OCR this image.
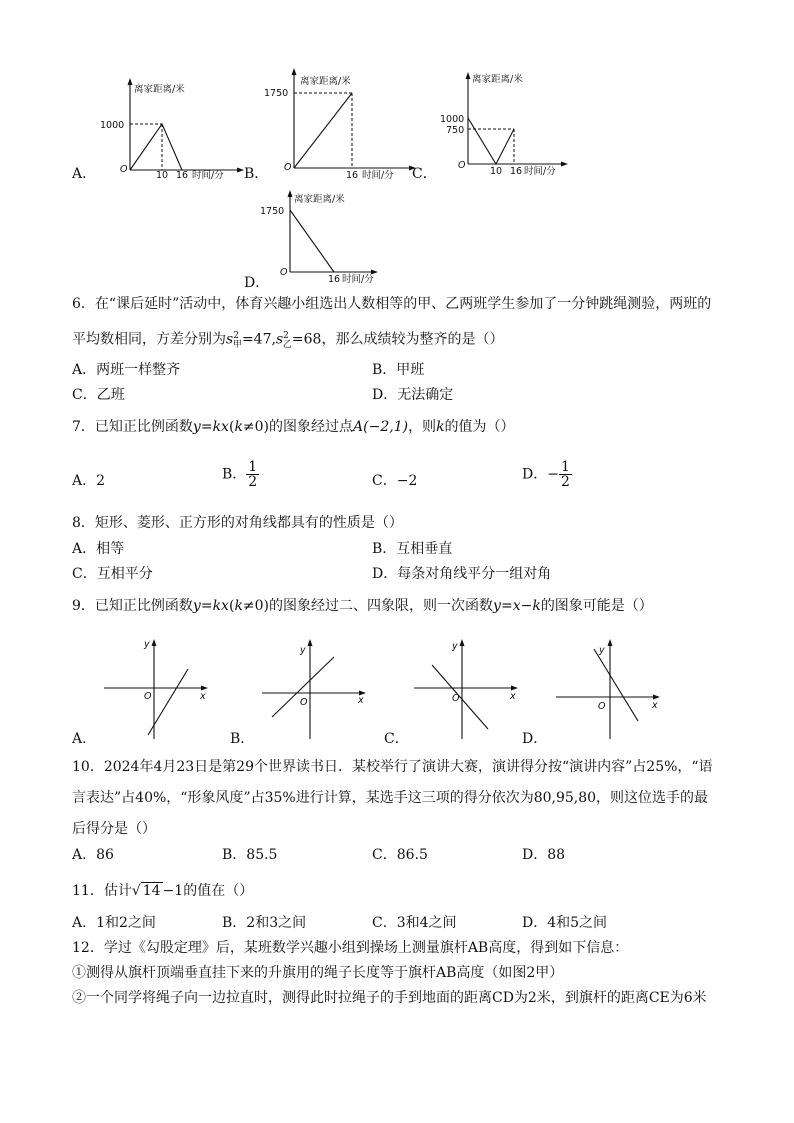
A．
离家距离/米
1000
O
10 16 时间/分 B．
离家距离/米
1750
O
16 时间/分 C．
离家距离/米
1000
750
O
10 16 时间/分
D．
离家距离/米
1750
O
16 时间/分
6．在“课后延时”活动中，体育兴趣小组选出人数相等的甲、乙两班学生参加了一分钟跳绳测验，两班的
平均数相同，方差分别为$s^2_甲=47,s^2_乙=68$，那么成绩较为整齐的是（）
A．两班一样整齐	B．甲班
C．乙班	D．无法确定
7．已知正比例函数y=kx(k≠0)的图象经过点A(−2,1)，则k的值为（）
A．2	B． $\frac{1}{2}$	C．−2	D．− $\frac{1}{2}$
8．矩形、菱形、正方形的对角线都具有的性质是（）
A．相等	B．互相垂直
C．互相平分	D．每条对角线平分一组对角
9．已知正比例函数y=kx(k≠0)的图象经过二、四象限，则一次函数y=x−k的图象可能是（）
A．
y
x
O
B．
y
x
O
C．
y
x
O
D．
y
x
O
10．2024年4月23日是第29个世界读书日．某校举行了演讲大赛，演讲得分按“演讲内容”占25%，“语
言表达”占40%，“形象风度”占35%进行计算，某选手这三项的得分依次为80,95,80，则这位选手的最
后得分是（）
A．86	B．85.5	C．86.5	D．88
11．估计√ 14 −1的值在（）
A．1和2之间	B．2和3之间	C．3和4之间	D．4和5之间
12．学过《勾股定理》后，某班数学兴趣小组到操场上测量旗杆AB高度，得到如下信息：
①测得从旗杆顶端垂直挂下来的升旗用的绳子长度等于旗杆AB高度（如图2甲）
②一个同学将绳子向一边拉直时，测得此时拉绳子的手到地面的距离CD为2米，到旗杆的距离CE为6米
